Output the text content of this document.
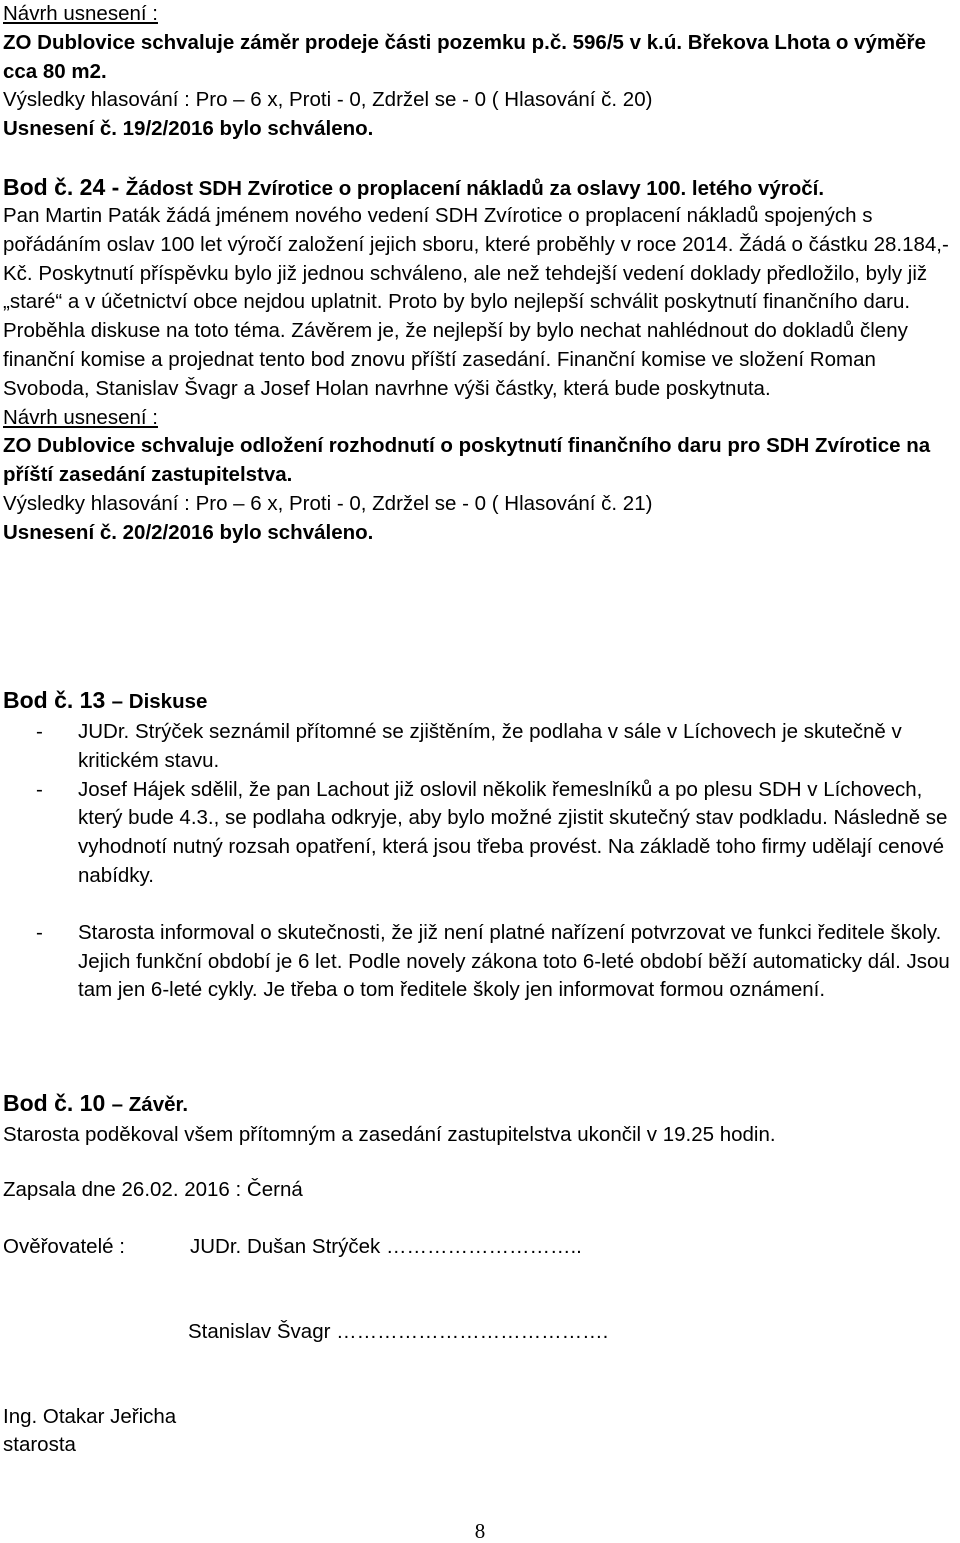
Návrh usnesení :

ZO Dublovice schvaluje záměr prodeje části pozemku p.č. 596/5 v k.ú. Břekova Lhota o výměře cca 80 m2.

Výsledky hlasování : Pro – 6 x, Proti - 0, Zdržel se - 0 ( Hlasování č. 20)

Usnesení č. 19/2/2016 bylo schváleno.

Bod č. 24 - Žádost SDH Zvírotice o proplacení nákladů za oslavy 100. letého výročí.

Pan Martin Paták žádá jménem nového vedení SDH Zvírotice o proplacení nákladů spojených s pořádáním oslav 100 let výročí založení jejich sboru, které proběhly v roce 2014. Žádá o částku 28.184,- Kč. Poskytnutí příspěvku bylo již jednou schváleno, ale než tehdejší vedení doklady předložilo, byly již „staré“ a v účetnictví obce nejdou uplatnit. Proto by bylo nejlepší schválit poskytnutí finančního daru. Proběhla diskuse na toto téma. Závěrem je, že nejlepší by bylo nechat nahlédnout do dokladů členy finanční komise a projednat tento bod znovu příští zasedání. Finanční komise ve složení Roman Svoboda, Stanislav Švagr a Josef Holan navrhne výši částky, která bude poskytnuta.

Návrh usnesení :

ZO Dublovice schvaluje odložení rozhodnutí o poskytnutí finančního daru pro SDH Zvírotice na příští zasedání zastupitelstva.

Výsledky hlasování : Pro – 6 x, Proti - 0, Zdržel se - 0 ( Hlasování č. 21)

Usnesení č. 20/2/2016 bylo schváleno.

Bod č. 13 – Diskuse

- JUDr. Strýček seznámil přítomné se zjištěním, že podlaha v sále v Líchovech je skutečně v kritickém stavu.

- Josef Hájek sdělil, že pan Lachout již oslovil několik řemeslníků a po plesu SDH v Líchovech, který bude 4.3., se podlaha odkryje, aby bylo možné zjistit skutečný stav podkladu. Následně se vyhodnotí nutný rozsah opatření, která jsou třeba provést. Na základě toho firmy udělají cenové nabídky.

- Starosta informoval o skutečnosti, že již není platné nařízení potvrzovat ve funkci ředitele školy. Jejich funkční období je 6 let. Podle novely zákona toto 6-leté období běží automaticky dál. Jsou tam jen 6-leté cykly. Je třeba o tom ředitele školy jen informovat formou oznámení.

Bod č. 10 – Závěr.

Starosta poděkoval všem přítomným a zasedání zastupitelstva ukončil v 19.25 hodin.

Zapsala dne 26.02. 2016 : Černá

Ověřovatelé :	JUDr. Dušan Strýček ………………………..

Stanislav Švagr ………………………………….

Ing. Otakar Jeřicha

starosta

8
